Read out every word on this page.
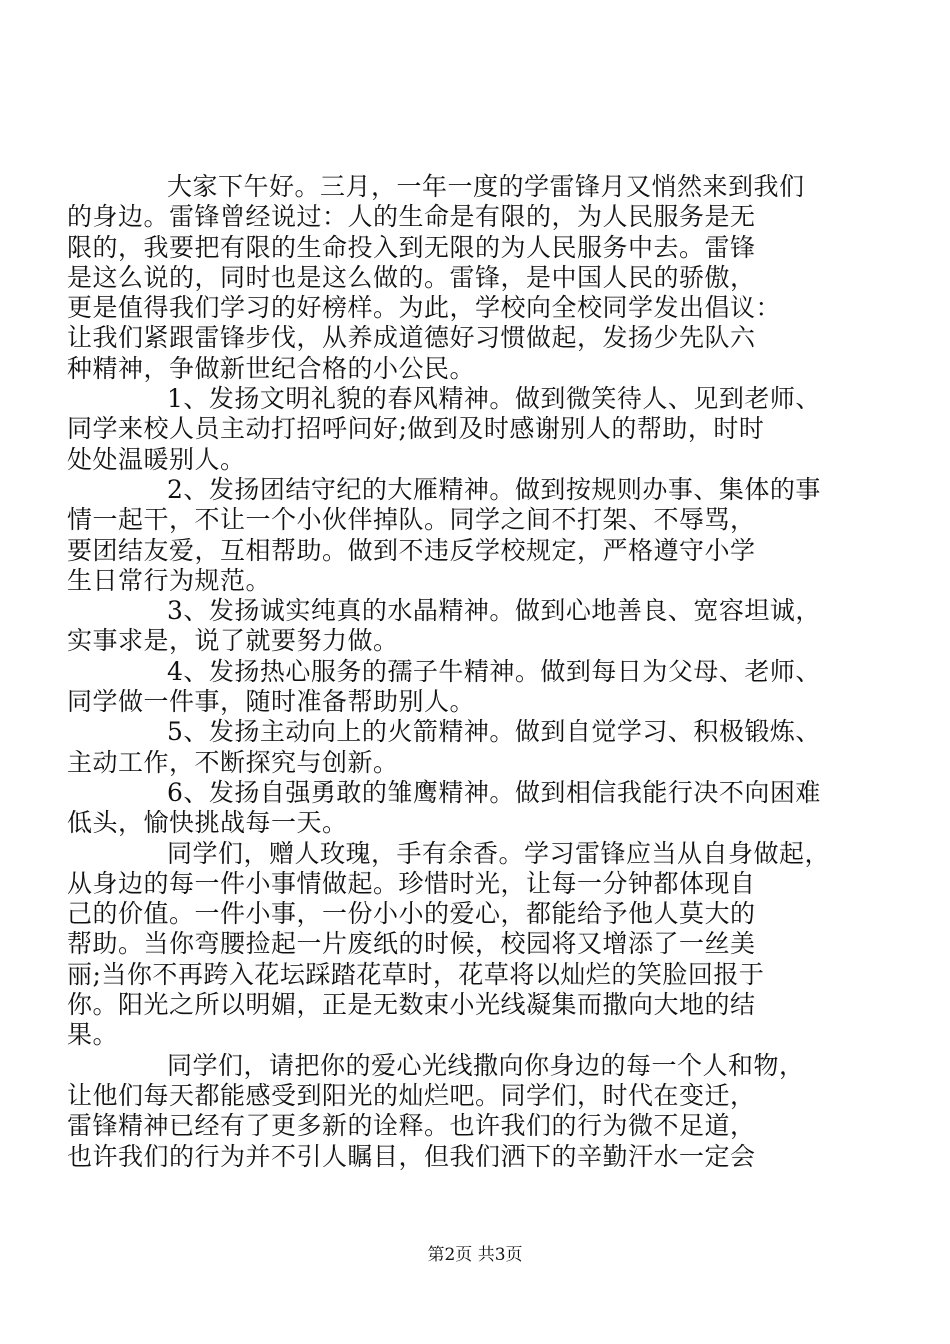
大家下午好。三月，一年一度的学雷锋月又悄然来到我们
的身边。雷锋曾经说过：人的生命是有限的，为人民服务是无
限的，我要把有限的生命投入到无限的为人民服务中去。雷锋
是这么说的，同时也是这么做的。雷锋，是中国人民的骄傲，
更是值得我们学习的好榜样。为此，学校向全校同学发出倡议：
让我们紧跟雷锋步伐，从养成道德好习惯做起，发扬少先队六
种精神，争做新世纪合格的小公民。

1、发扬文明礼貌的春风精神。做到微笑待人、见到老师、
同学来校人员主动打招呼问好;做到及时感谢别人的帮助，时时
处处温暖别人。

2、发扬团结守纪的大雁精神。做到按规则办事、集体的事
情一起干，不让一个小伙伴掉队。同学之间不打架、不辱骂，
要团结友爱，互相帮助。做到不违反学校规定，严格遵守小学
生日常行为规范。

3、发扬诚实纯真的水晶精神。做到心地善良、宽容坦诚，
实事求是，说了就要努力做。

4、发扬热心服务的孺子牛精神。做到每日为父母、老师、
同学做一件事，随时准备帮助别人。

5、发扬主动向上的火箭精神。做到自觉学习、积极锻炼、
主动工作，不断探究与创新。

6、发扬自强勇敢的雏鹰精神。做到相信我能行决不向困难
低头，愉快挑战每一天。

同学们，赠人玫瑰，手有余香。学习雷锋应当从自身做起，
从身边的每一件小事情做起。珍惜时光，让每一分钟都体现自
己的价值。一件小事，一份小小的爱心，都能给予他人莫大的
帮助。当你弯腰捡起一片废纸的时候，校园将又增添了一丝美
丽;当你不再跨入花坛踩踏花草时，花草将以灿烂的笑脸回报于
你。阳光之所以明媚，正是无数束小光线凝集而撒向大地的结
果。

同学们，请把你的爱心光线撒向你身边的每一个人和物，
让他们每天都能感受到阳光的灿烂吧。同学们，时代在变迁，
雷锋精神已经有了更多新的诠释。也许我们的行为微不足道，
也许我们的行为并不引人瞩目，但我们洒下的辛勤汗水一定会

第2页 共3页
